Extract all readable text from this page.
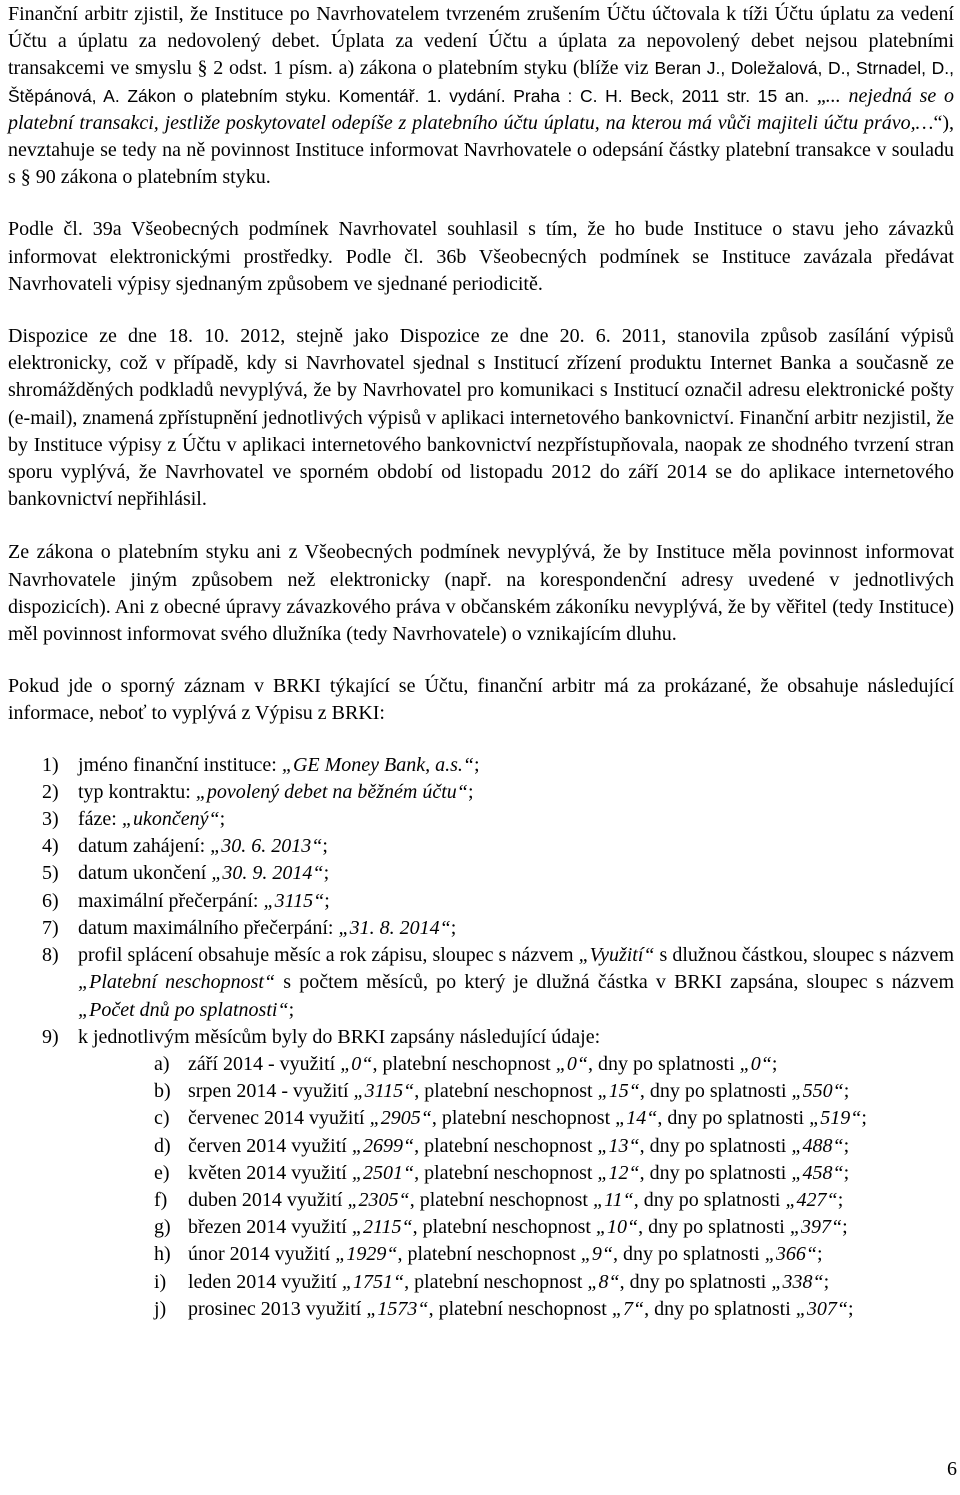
Finanční arbitr zjistil, že Instituce po Navrhovatelem tvrzeném zrušením Účtu účtovala k tíži Účtu úplatu za vedení Účtu a úplatu za nedovolený debet. Úplata za vedení Účtu a úplata za nepovolený debet nejsou platebními transakcemi ve smyslu § 2 odst. 1 písm. a) zákona o platebním styku (blíže viz Beran J., Doležalová, D., Strnadel, D., Štěpánová, A. Zákon o platebním styku. Komentář. 1. vydání. Praha : C. H. Beck, 2011 str. 15 an. „... nejedná se o platební transakci, jestliže poskytovatel odepíše z platebního účtu úplatu, na kterou má vůči majiteli účtu právo,…“), nevztahuje se tedy na ně povinnost Instituce informovat Navrhovatele o odepsání částky platební transakce v souladu s § 90 zákona o platebním styku.

Podle čl. 39a Všeobecných podmínek Navrhovatel souhlasil s tím, že ho bude Instituce o stavu jeho závazků informovat elektronickými prostředky. Podle čl. 36b Všeobecných podmínek se Instituce zavázala předávat Navrhovateli výpisy sjednaným způsobem ve sjednané periodicitě.

Dispozice ze dne 18. 10. 2012, stejně jako Dispozice ze dne 20. 6. 2011, stanovila způsob zasílání výpisů elektronicky, což v případě, kdy si Navrhovatel sjednal s Institucí zřízení produktu Internet Banka a současně ze shromážděných podkladů nevyplývá, že by Navrhovatel pro komunikaci s Institucí označil adresu elektronické pošty (e-mail), znamená zpřístupnění jednotlivých výpisů v aplikaci internetového bankovnictví. Finanční arbitr nezjistil, že by Instituce výpisy z Účtu v aplikaci internetového bankovnictví nezpřístupňovala, naopak ze shodného tvrzení stran sporu vyplývá, že Navrhovatel ve sporném období od listopadu 2012 do září 2014 se do aplikace internetového bankovnictví nepřihlásil.

Ze zákona o platebním styku ani z Všeobecných podmínek nevyplývá, že by Instituce měla povinnost informovat Navrhovatele jiným způsobem než elektronicky (např. na korespondenční adresy uvedené v jednotlivých dispozicích). Ani z obecné úpravy závazkového práva v občanském zákoníku nevyplývá, že by věřitel (tedy Instituce) měl povinnost informovat svého dlužníka (tedy Navrhovatele) o vznikajícím dluhu.

Pokud jde o sporný záznam v BRKI týkající se Účtu, finanční arbitr má za prokázané, že obsahuje následující informace, neboť to vyplývá z Výpisu z BRKI:

1) jméno finanční instituce: „GE Money Bank, a.s.“;
2) typ kontraktu: „povolený debet na běžném účtu“;
3) fáze: „ukončený“;
4) datum zahájení: „30. 6. 2013“;
5) datum ukončení „30. 9. 2014“;
6) maximální přečerpání: „3115“;
7) datum maximálního přečerpání: „31. 8. 2014“;
8) profil splácení obsahuje měsíc a rok zápisu, sloupec s názvem „Využití“ s dlužnou částkou, sloupec s názvem „Platební neschopnost“ s počtem měsíců, po který je dlužná částka v BRKI zapsána, sloupec s názvem „Počet dnů po splatnosti“;
9) k jednotlivým měsícům byly do BRKI zapsány následující údaje:
a) září 2014 - využití „0“, platební neschopnost „0“, dny po splatnosti „0“;
b) srpen 2014 - využití „3115“, platební neschopnost „15“, dny po splatnosti „550“;
c) červenec 2014 využití „2905“, platební neschopnost „14“, dny po splatnosti „519“;
d) červen 2014 využití „2699“, platební neschopnost „13“, dny po splatnosti „488“;
e) květen 2014 využití „2501“, platební neschopnost „12“, dny po splatnosti „458“;
f) duben 2014 využití „2305“, platební neschopnost „11“, dny po splatnosti „427“;
g) březen 2014 využití „2115“, platební neschopnost „10“, dny po splatnosti „397“;
h) únor 2014 využití „1929“, platební neschopnost „9“, dny po splatnosti „366“;
i) leden 2014 využití „1751“, platební neschopnost „8“, dny po splatnosti „338“;
j) prosinec 2013 využití „1573“, platební neschopnost „7“, dny po splatnosti „307“;
6
